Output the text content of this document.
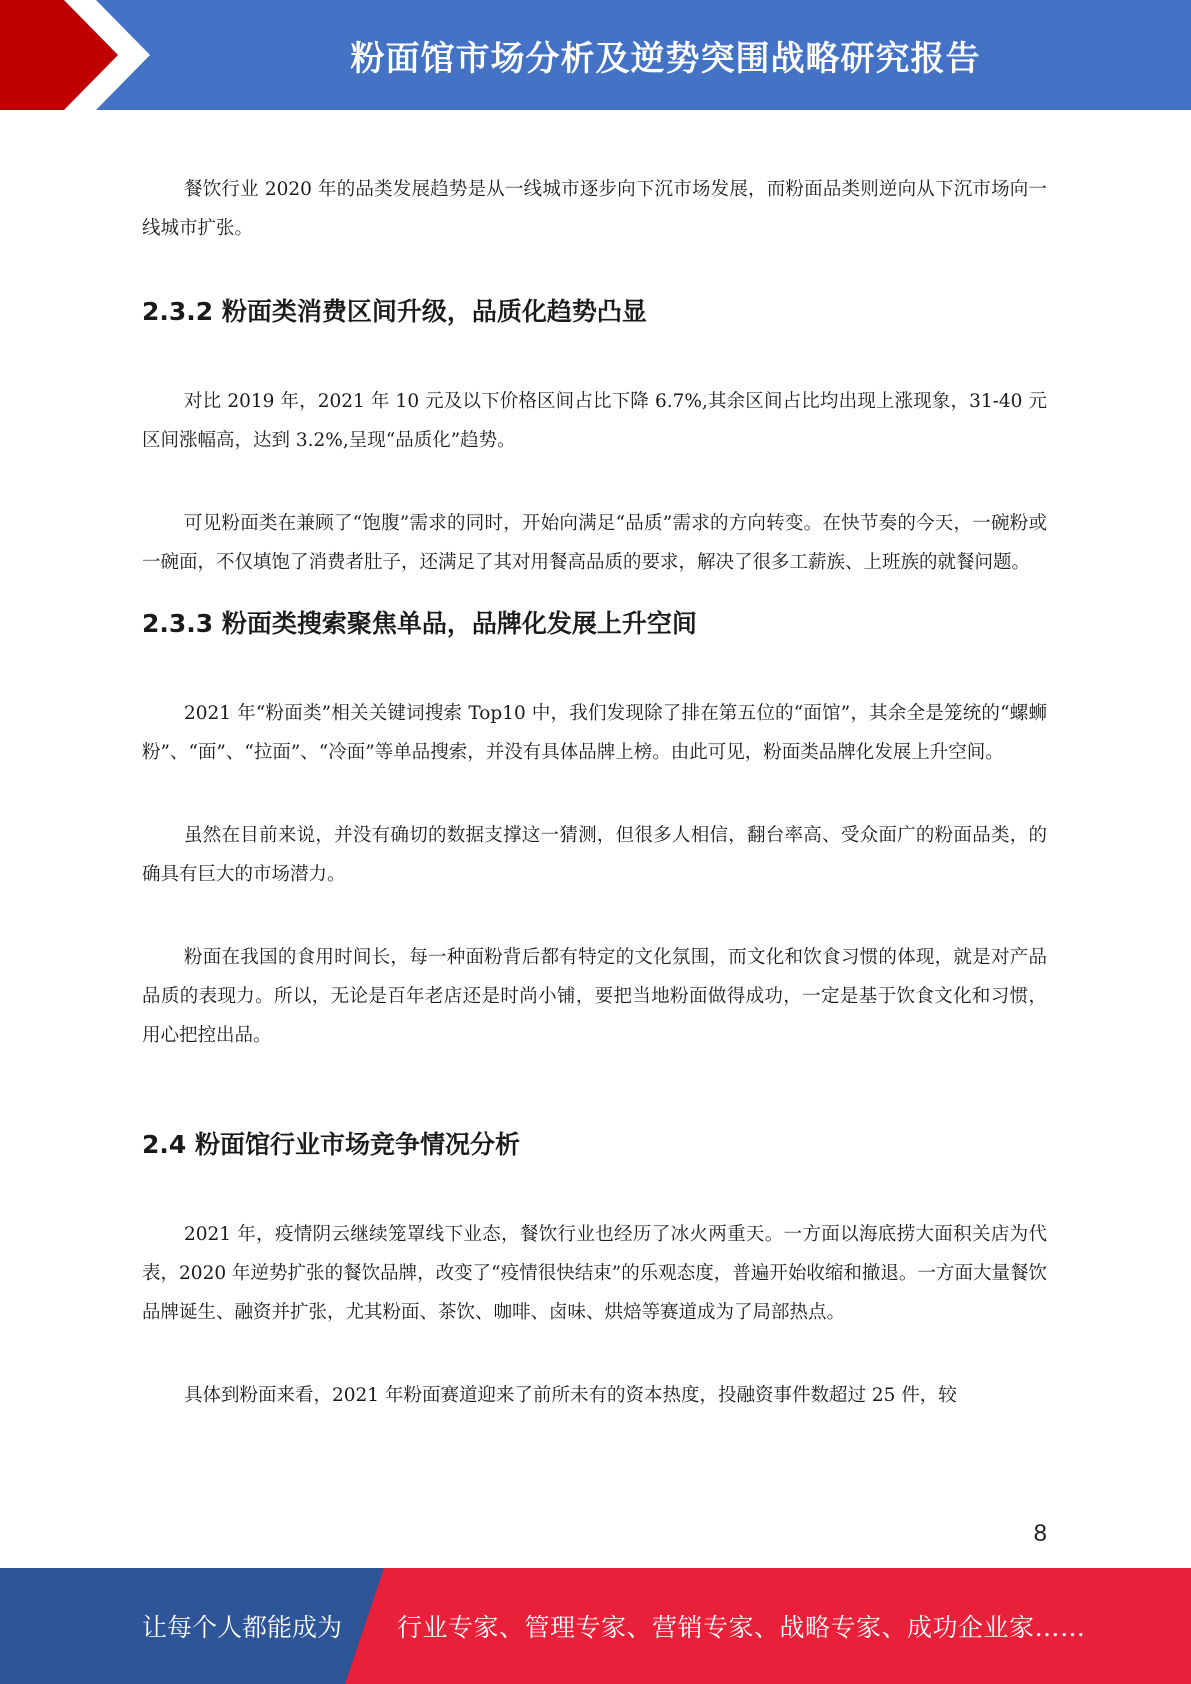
粉面馆市场分析及逆势突围战略研究报告

餐饮行业 2020 年的品类发展趋势是从一线城市逐步向下沉市场发展，而粉面品类则逆向从下沉市场向一线城市扩张。

2.3.2 粉面类消费区间升级，品质化趋势凸显

对比 2019 年，2021 年 10 元及以下价格区间占比下降 6.7%,其余区间占比均出现上涨现象，31-40 元区间涨幅高，达到 3.2%,呈现“品质化”趋势。

可见粉面类在兼顾了“饱腹”需求的同时，开始向满足“品质”需求的方向转变。在快节奏的今天，一碗粉或一碗面，不仅填饱了消费者肚子，还满足了其对用餐高品质的要求，解决了很多工薪族、上班族的就餐问题。

2.3.3 粉面类搜索聚焦单品，品牌化发展上升空间

2021 年“粉面类”相关关键词搜索 Top10 中，我们发现除了排在第五位的“面馆”，其余全是笼统的“螺蛳粉”、“面”、“拉面”、“冷面”等单品搜索，并没有具体品牌上榜。由此可见，粉面类品牌化发展上升空间。

虽然在目前来说，并没有确切的数据支撑这一猜测，但很多人相信，翻台率高、受众面广的粉面品类，的确具有巨大的市场潜力。

粉面在我国的食用时间长，每一种面粉背后都有特定的文化氛围，而文化和饮食习惯的体现，就是对产品品质的表现力。所以，无论是百年老店还是时尚小铺，要把当地粉面做得成功，一定是基于饮食文化和习惯，用心把控出品。

2.4 粉面馆行业市场竞争情况分析

2021 年，疫情阴云继续笼罩线下业态，餐饮行业也经历了冰火两重天。一方面以海底捞大面积关店为代表，2020 年逆势扩张的餐饮品牌，改变了“疫情很快结束”的乐观态度，普遍开始收缩和撤退。一方面大量餐饮品牌诞生、融资并扩张，尤其粉面、茶饮、咖啡、卤味、烘焙等赛道成为了局部热点。

具体到粉面来看，2021 年粉面赛道迎来了前所未有的资本热度，投融资事件数超过 25 件，较

8
让每个人都能成为 行业专家、管理专家、营销专家、战略专家、成功企业家……
